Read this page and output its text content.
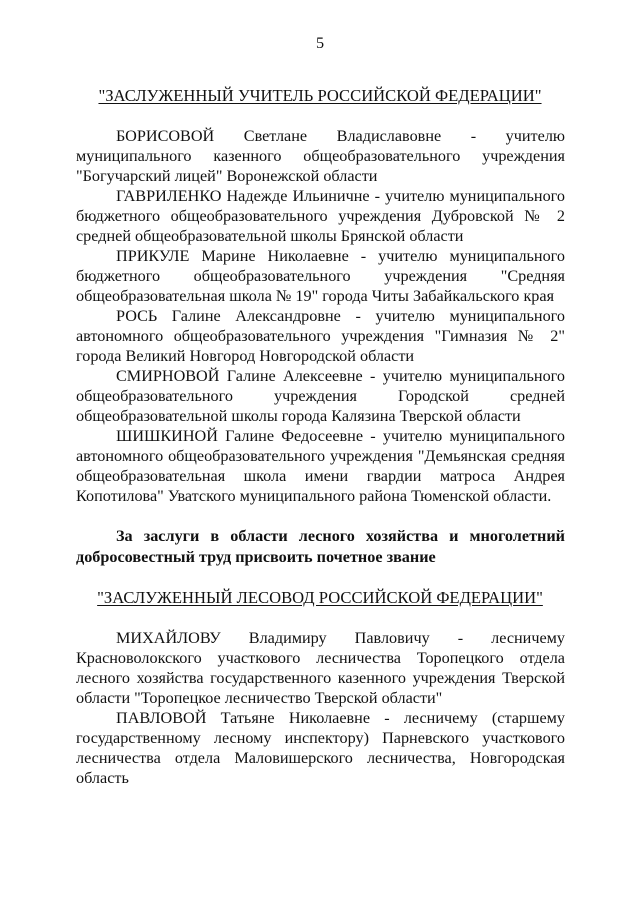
5
"ЗАСЛУЖЕННЫЙ УЧИТЕЛЬ РОССИЙСКОЙ ФЕДЕРАЦИИ"
БОРИСОВОЙ Светлане Владиславовне - учителю муниципального казенного общеобразовательного учреждения "Богучарский лицей" Воронежской области
ГАВРИЛЕНКО Надежде Ильиничне - учителю муниципального бюджетного общеобразовательного учреждения Дубровской № 2 средней общеобразовательной школы Брянской области
ПРИКУЛЕ Марине Николаевне - учителю муниципального бюджетного общеобразовательного учреждения "Средняя общеобразовательная школа № 19" города Читы Забайкальского края
РОСЬ Галине Александровне - учителю муниципального автономного общеобразовательного учреждения "Гимназия № 2" города Великий Новгород Новгородской области
СМИРНОВОЙ Галине Алексеевне - учителю муниципального общеобразовательного учреждения Городской средней общеобразовательной школы города Калязина Тверской области
ШИШКИНОЙ Галине Федосеевне - учителю муниципального автономного общеобразовательного учреждения "Демьянская средняя общеобразовательная школа имени гвардии матроса Андрея Копотилова" Уватского муниципального района Тюменской области.
За заслуги в области лесного хозяйства и многолетний добросовестный труд присвоить почетное звание
"ЗАСЛУЖЕННЫЙ ЛЕСОВОД РОССИЙСКОЙ ФЕДЕРАЦИИ"
МИХАЙЛОВУ Владимиру Павловичу - лесничему Красноволокского участкового лесничества Торопецкого отдела лесного хозяйства государственного казенного учреждения Тверской области "Торопецкое лесничество Тверской области"
ПАВЛОВОЙ Татьяне Николаевне - лесничему (старшему государственному лесному инспектору) Парневского участкового лесничества отдела Маловишерского лесничества, Новгородская область
